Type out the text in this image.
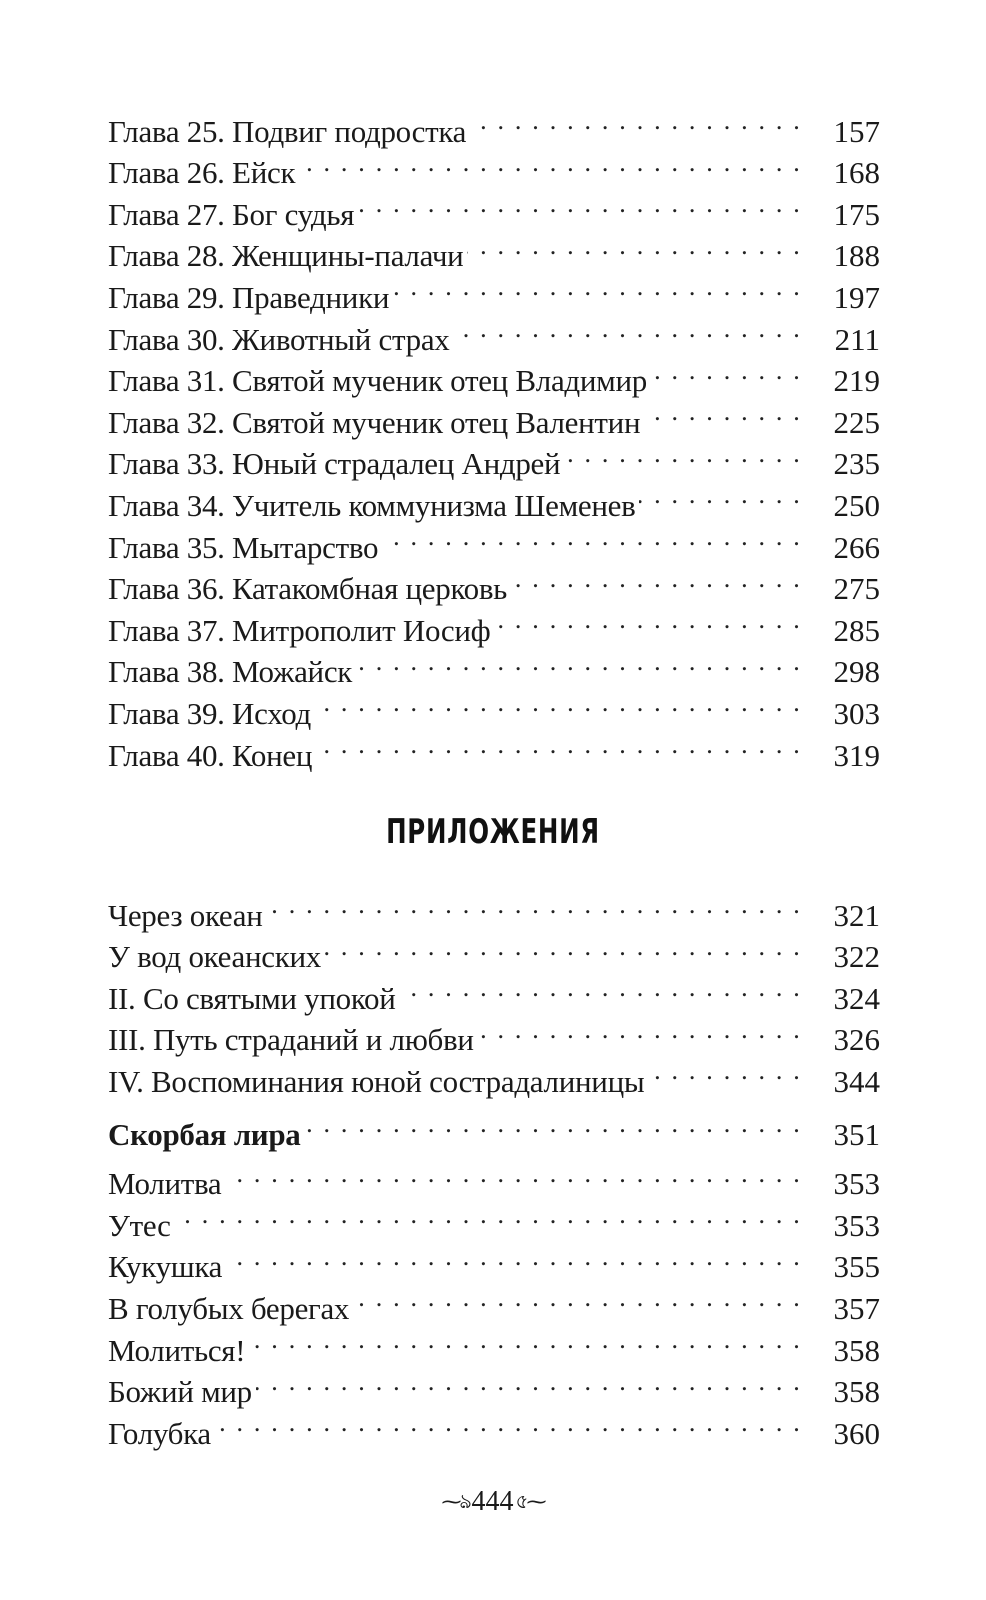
Глава 25. Подвиг подростка . . .	157
Глава 26. Ейск . . .	168
Глава 27. Бог судья . . .	175
Глава 28. Женщины-палачи . . .	188
Глава 29. Праведники . . .	197
Глава 30. Животный страх . . .	211
Глава 31. Святой мученик отец Владимир . . .	219
Глава 32. Святой мученик отец Валентин . . .	225
Глава 33. Юный страдалец Андрей . . .	235
Глава 34. Учитель коммунизма Шеменев . . .	250
Глава 35. Мытарство . . .	266
Глава 36. Катакомбная церковь . . .	275
Глава 37. Митрополит Иосиф . . .	285
Глава 38. Можайск . . .	298
Глава 39. Исход . . .	303
Глава 40. Конец . . .	319
ПРИЛОЖЕНИЯ
Через океан . . .	321
У вод океанских . . .	322
II. Со святыми упокой . . .	324
III. Путь страданий и любви . . .	326
IV. Воспоминания юной сострадалиницы . . .	344
Скорбая лира . . .	351
Молитва . . .	353
Утес . . .	353
Кукушка . . .	355
В голубых берегах . . .	357
Молиться! . . .	358
Божий мир . . .	358
Голубка . . .	360
⁓ঌ444 ৫⁓
